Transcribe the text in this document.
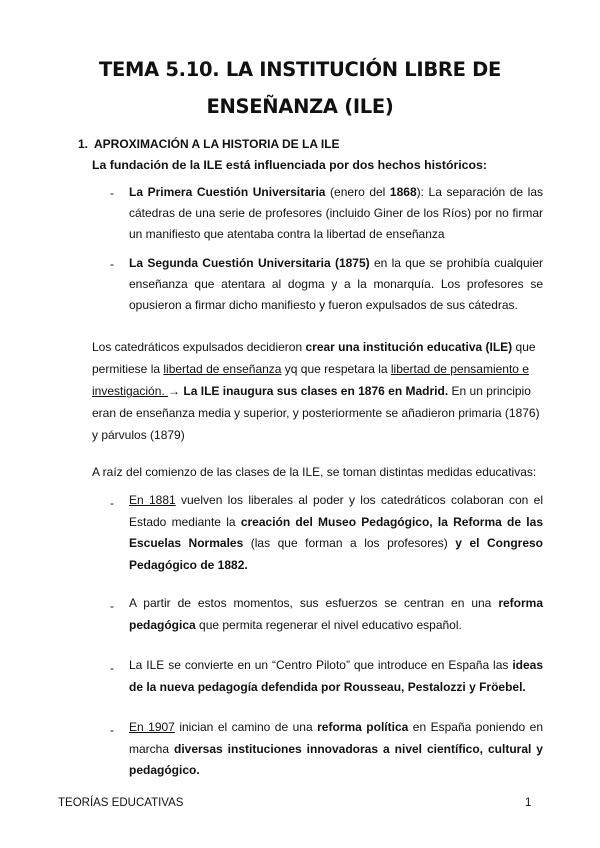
TEMA 5.10. LA INSTITUCIÓN LIBRE DE
ENSEÑANZA (ILE)
1. APROXIMACIÓN A LA HISTORIA DE LA ILE
La fundación de la ILE está influenciada por dos hechos históricos:
- La Primera Cuestión Universitaria (enero del 1868): La separación de las cátedras de una serie de profesores (incluido Giner de los Ríos) por no firmar un manifiesto que atentaba contra la libertad de enseñanza
- La Segunda Cuestión Universitaria (1875) en la que se prohibía cualquier enseñanza que atentara al dogma y a la monarquía. Los profesores se opusieron a firmar dicho manifiesto y fueron expulsados de sus cátedras.
Los catedráticos expulsados decidieron crear una institución educativa (ILE) que permitiese la libertad de enseñanza yq que respetara la libertad de pensamiento e investigación. → La ILE inaugura sus clases en 1876 en Madrid. En un principio eran de enseñanza media y superior, y posteriormente se añadieron primaria (1876) y párvulos (1879)
A raíz del comienzo de las clases de la ILE, se toman distintas medidas educativas:
- En 1881 vuelven los liberales al poder y los catedráticos colaboran con el Estado mediante la creación del Museo Pedagógico, la Reforma de las Escuelas Normales (las que forman a los profesores) y el Congreso Pedagógico de 1882.
- A partir de estos momentos, sus esfuerzos se centran en una reforma pedagógica que permita regenerar el nivel educativo español.
- La ILE se convierte en un “Centro Piloto” que introduce en España las ideas de la nueva pedagogía defendida por Rousseau, Pestalozzi y Fröebel.
- En 1907 inician el camino de una reforma política en España poniendo en marcha diversas instituciones innovadoras a nivel científico, cultural y pedagógico.
TEORÍAS EDUCATIVAS	1
